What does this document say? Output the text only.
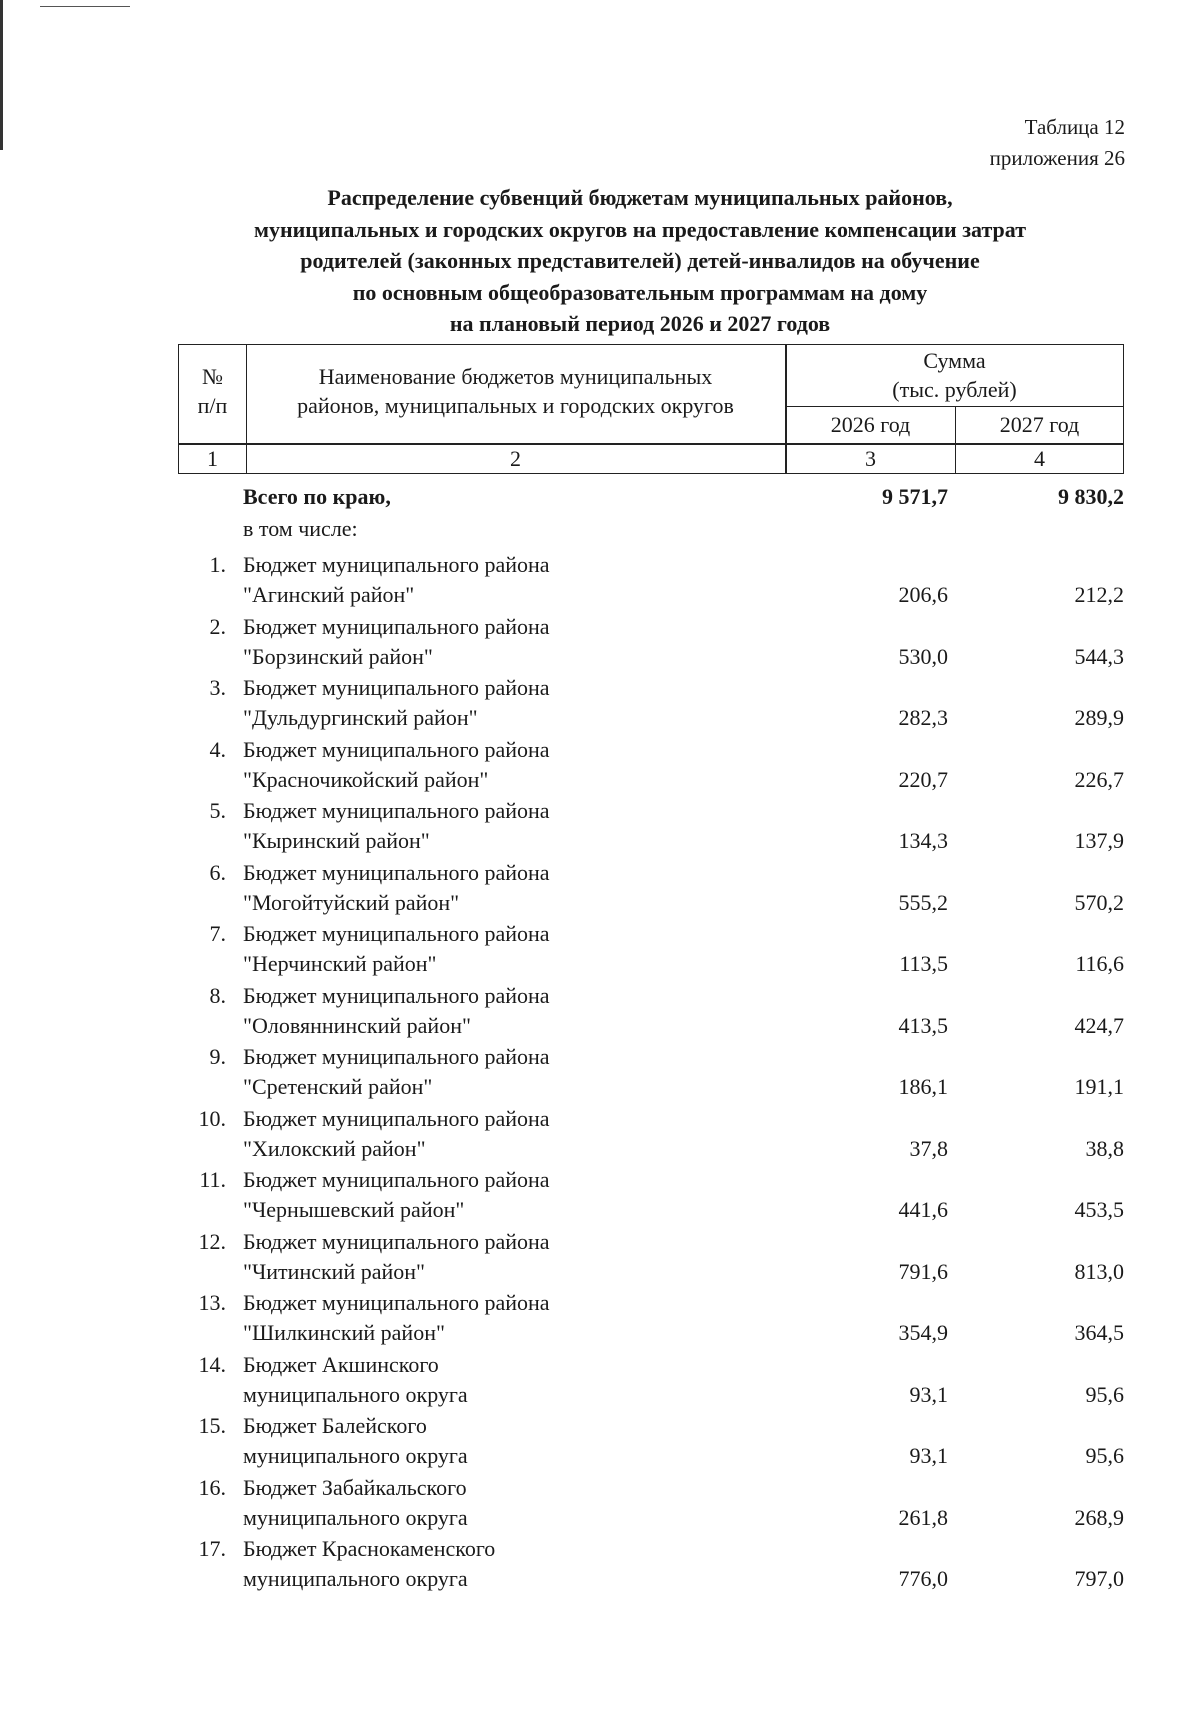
Таблица 12
приложения 26
Распределение субвенций бюджетам муниципальных районов,
муниципальных и городских округов на предоставление компенсации затрат
родителей (законных представителей) детей-инвалидов на обучение
по основным общеобразовательным программам на дому
на плановый период 2026 и 2027 годов
№
п/п
Наименование бюджетов муниципальных
районов, муниципальных и городских округов
Сумма
(тыс. рублей)
2026 год	2027 год
1	2	3	4
Всего по краю,	9 571,7	9 830,2
в том числе:
1. Бюджет муниципального района
"Агинский район"	206,6	212,2
2. Бюджет муниципального района
"Борзинский район"	530,0	544,3
3. Бюджет муниципального района
"Дульдургинский район"	282,3	289,9
4. Бюджет муниципального района
"Красночикойский район"	220,7	226,7
5. Бюджет муниципального района
"Кыринский район"	134,3	137,9
6. Бюджет муниципального района
"Могойтуйский район"	555,2	570,2
7. Бюджет муниципального района
"Нерчинский район"	113,5	116,6
8. Бюджет муниципального района
"Оловяннинский район"	413,5	424,7
9. Бюджет муниципального района
"Сретенский район"	186,1	191,1
10. Бюджет муниципального района
"Хилокский район"	37,8	38,8
11. Бюджет муниципального района
"Чернышевский район"	441,6	453,5
12. Бюджет муниципального района
"Читинский район"	791,6	813,0
13. Бюджет муниципального района
"Шилкинский район"	354,9	364,5
14. Бюджет Акшинского
муниципального округа	93,1	95,6
15. Бюджет Балейского
муниципального округа	93,1	95,6
16. Бюджет Забайкальского
муниципального округа	261,8	268,9
17. Бюджет Краснокаменского
муниципального округа	776,0	797,0
